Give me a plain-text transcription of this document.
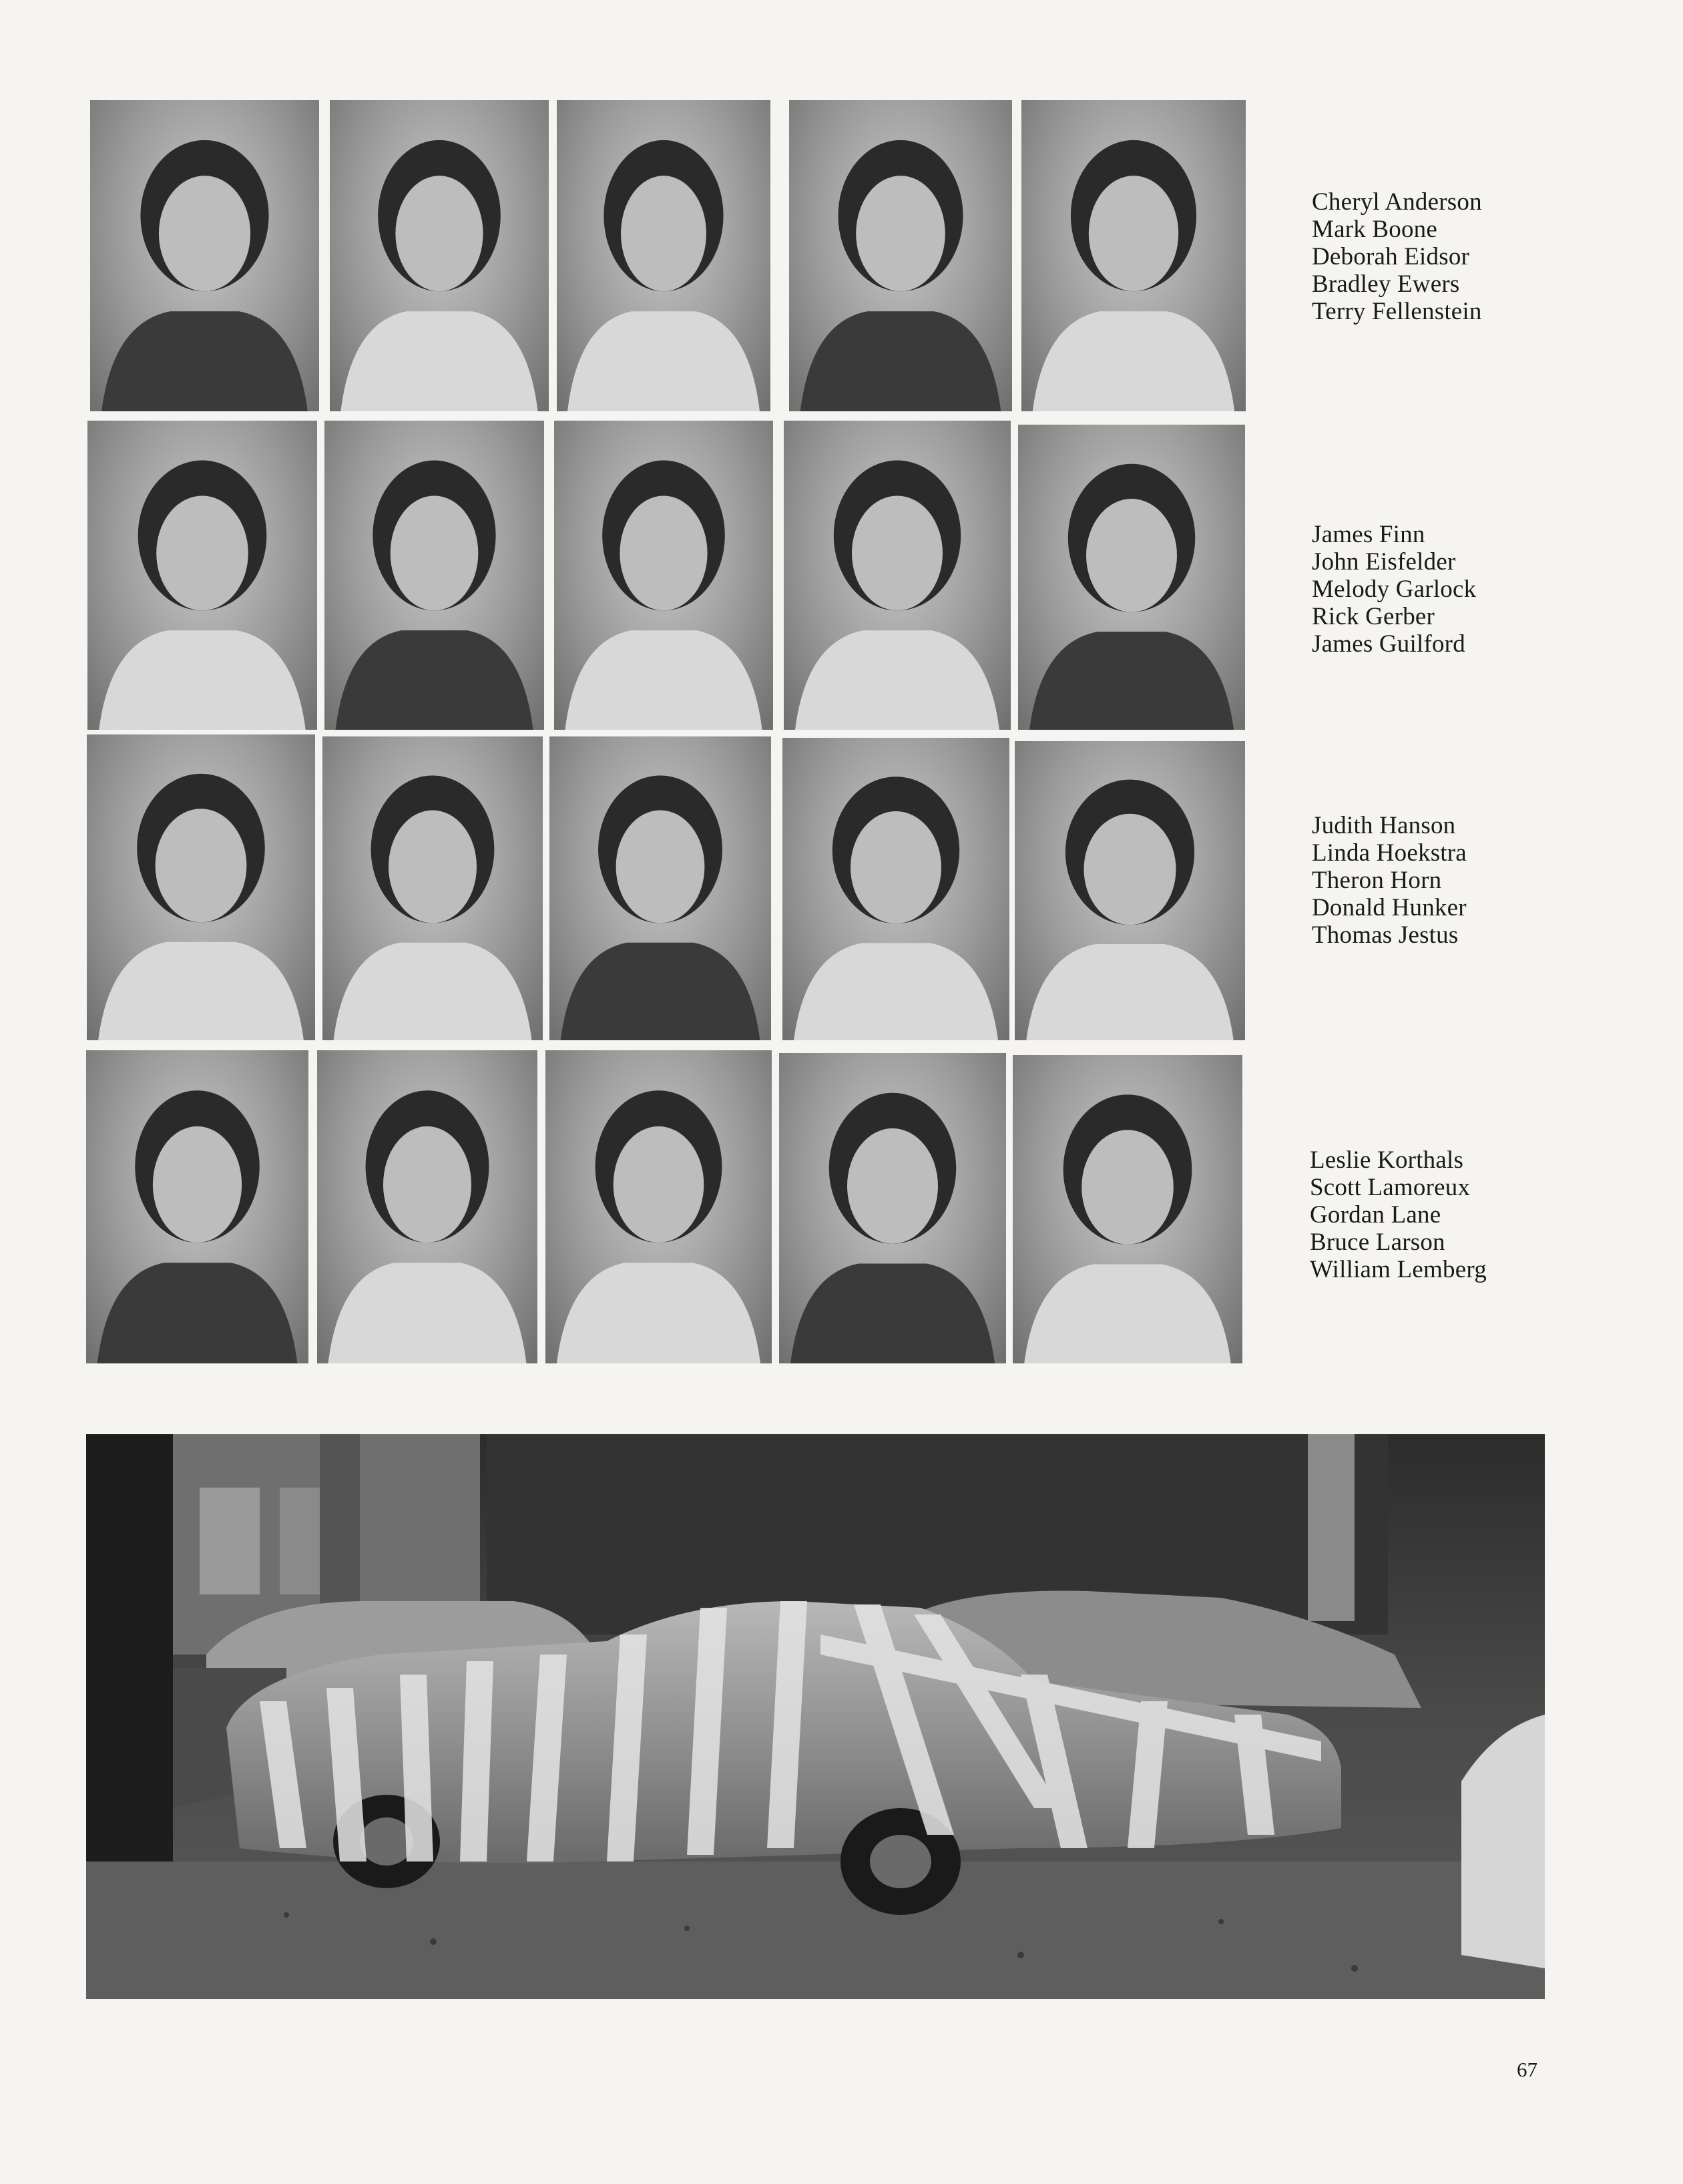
Cheryl Anderson
Mark Boone
Deborah Eidsor
Bradley Ewers
Terry Fellenstein
James Finn
John Eisfelder
Melody Garlock
Rick Gerber
James Guilford
Judith Hanson
Linda Hoekstra
Theron Horn
Donald Hunker
Thomas Jestus
Leslie Korthals
Scott Lamoreux
Gordan Lane
Bruce Larson
William Lemberg
67
